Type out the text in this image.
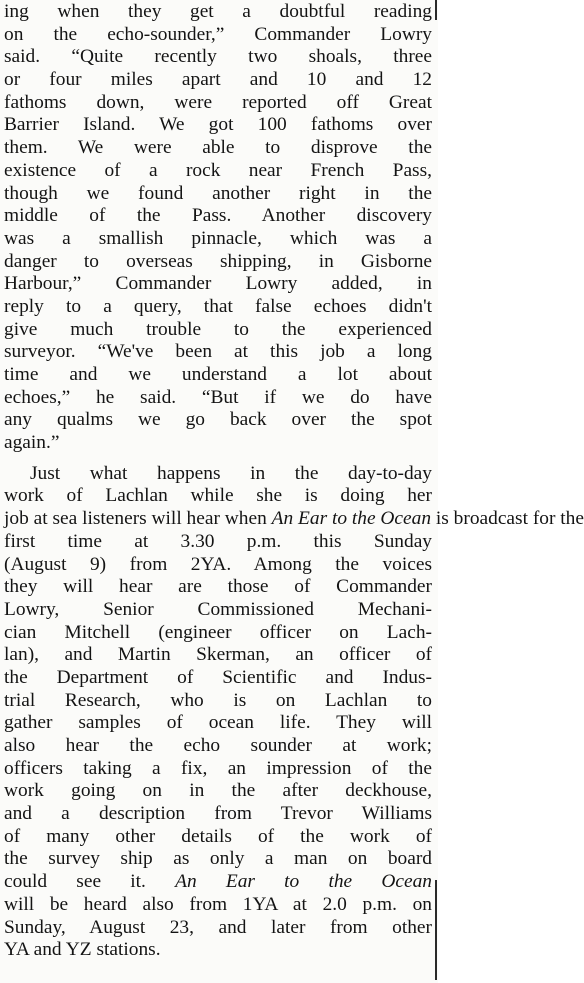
ing when they get a doubtful reading
on the echo-sounder,” Commander Lowry
said. “Quite recently two shoals, three
or four miles apart and 10 and 12
fathoms down, were reported off Great
Barrier Island. We got 100 fathoms over
them. We were able to disprove the
existence of a rock near French Pass,
though we found another right in the
middle of the Pass. Another discovery
was a smallish pinnacle, which was a
danger to overseas shipping, in Gisborne
Harbour,” Commander Lowry added, in
reply to a query, that false echoes didn't
give much trouble to the experienced
surveyor. “We've been at this job a long
time and we understand a lot about
echoes,” he said. “But if we do have
any qualms we go back over the spot
again.”
Just what happens in the day-to-day
work of Lachlan while she is doing her
job at sea listeners will hear when An Ear to the Ocean is broadcast for the
first time at 3.30 p.m. this Sunday
(August 9) from 2YA. Among the voices
they will hear are those of Commander
Lowry, Senior Commissioned Mechani-
cian Mitchell (engineer officer on Lach-
lan), and Martin Skerman, an officer of
the Department of Scientific and Indus-
trial Research, who is on Lachlan to
gather samples of ocean life. They will
also hear the echo sounder at work;
officers taking a fix, an impression of the
work going on in the after deckhouse,
and a description from Trevor Williams
of many other details of the work of
the survey ship as only a man on board
could see it. An Ear to the Ocean
will be heard also from 1YA at 2.0 p.m. on
Sunday, August 23, and later from other
YA and YZ stations.
